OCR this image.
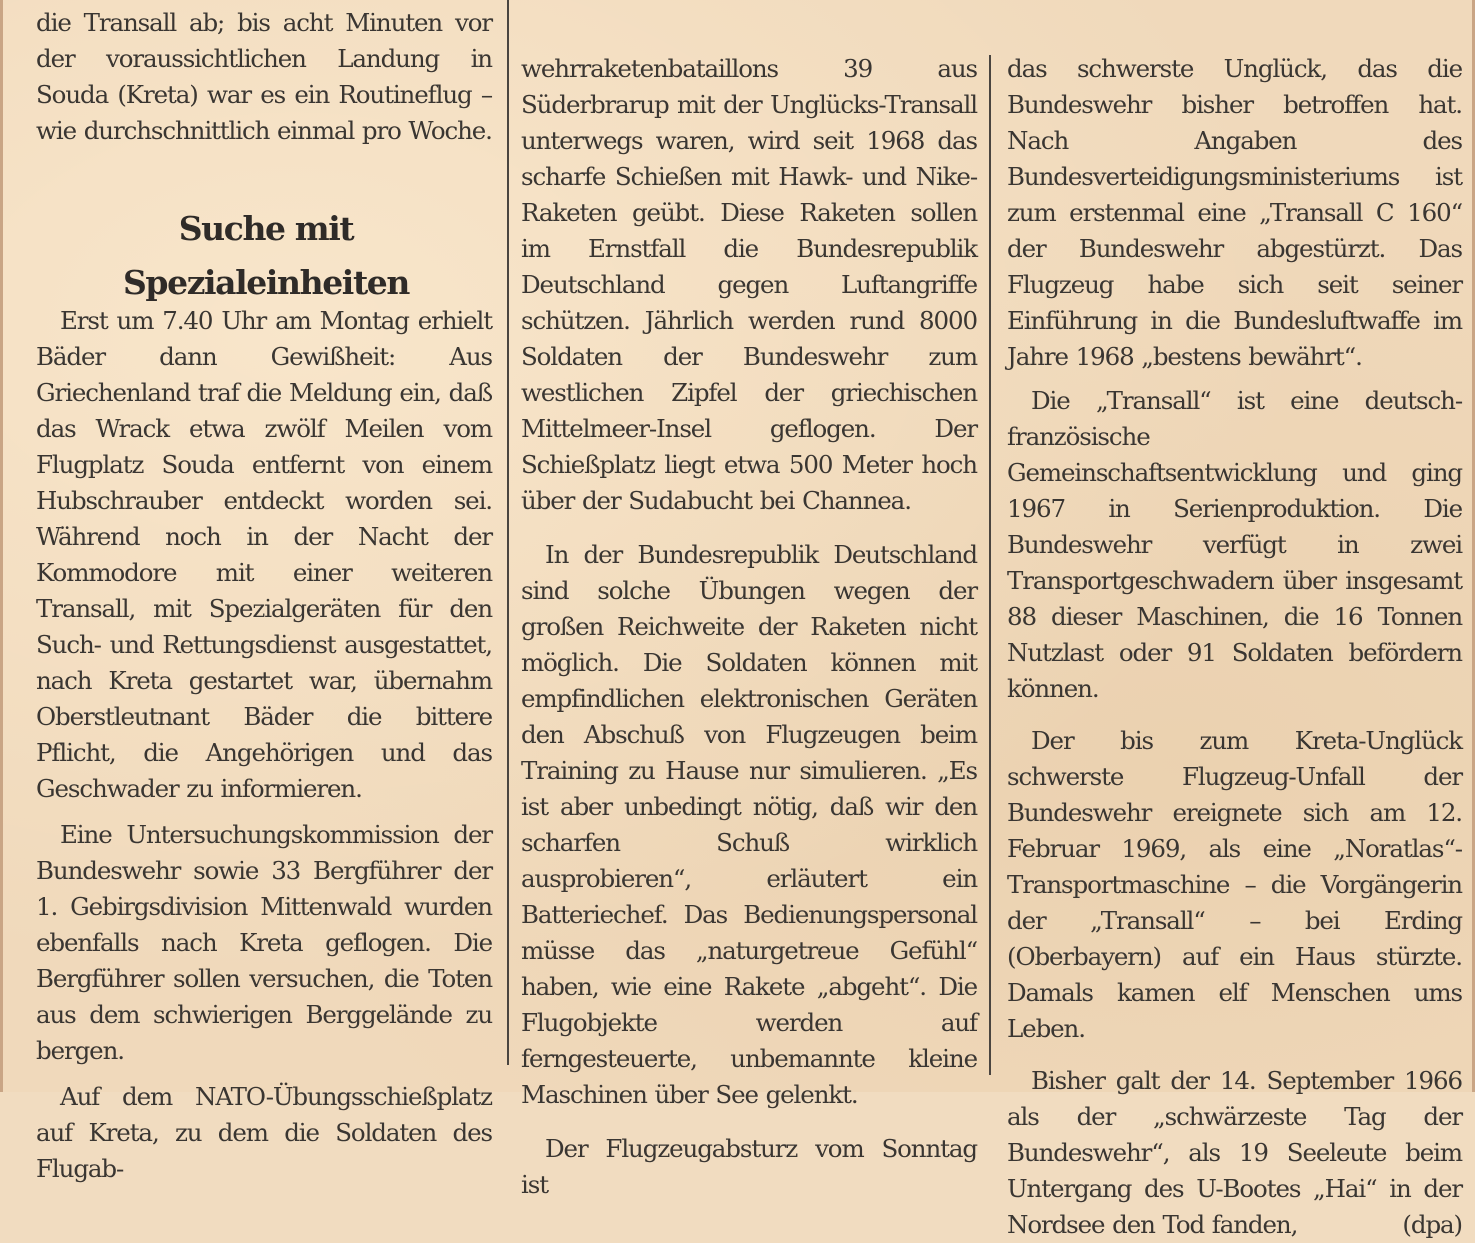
die Transall ab; bis acht Minuten vor der voraussichtlichen Landung in Souda (Kreta) war es ein Routineflug – wie durchschnittlich einmal pro Woche.

Suche mit Spezialeinheiten

Erst um 7.40 Uhr am Montag erhielt Bäder dann Gewißheit: Aus Griechenland traf die Meldung ein, daß das Wrack etwa zwölf Meilen vom Flugplatz Souda entfernt von einem Hubschrauber entdeckt worden sei. Während noch in der Nacht der Kommodore mit einer weiteren Transall, mit Spezialgeräten für den Such- und Rettungsdienst ausgestattet, nach Kreta gestartet war, übernahm Oberstleutnant Bäder die bittere Pflicht, die Angehörigen und das Geschwader zu informieren.

Eine Untersuchungskommission der Bundeswehr sowie 33 Bergführer der 1. Gebirgsdivision Mittenwald wurden ebenfalls nach Kreta geflogen. Die Bergführer sollen versuchen, die Toten aus dem schwierigen Berggelände zu bergen.

Auf dem NATO-Übungsschießplatz auf Kreta, zu dem die Soldaten des Flugab-

wehrraketenbataillons 39 aus Süderbrarup mit der Unglücks-Transall unterwegs waren, wird seit 1968 das scharfe Schießen mit Hawk- und Nike-Raketen geübt. Diese Raketen sollen im Ernstfall die Bundesrepublik Deutschland gegen Luftangriffe schützen. Jährlich werden rund 8000 Soldaten der Bundeswehr zum westlichen Zipfel der griechischen Mittelmeer-Insel geflogen. Der Schießplatz liegt etwa 500 Meter hoch über der Sudabucht bei Channea.

In der Bundesrepublik Deutschland sind solche Übungen wegen der großen Reichweite der Raketen nicht möglich. Die Soldaten können mit empfindlichen elektronischen Geräten den Abschuß von Flugzeugen beim Training zu Hause nur simulieren. „Es ist aber unbedingt nötig, daß wir den scharfen Schuß wirklich ausprobieren“, erläutert ein Batteriechef. Das Bedienungspersonal müsse das „naturgetreue Gefühl“ haben, wie eine Rakete „abgeht“. Die Flugobjekte werden auf ferngesteuerte, unbemannte kleine Maschinen über See gelenkt.

Der Flugzeugabsturz vom Sonntag ist

das schwerste Unglück, das die Bundeswehr bisher betroffen hat. Nach Angaben des Bundesverteidigungsministeriums ist zum erstenmal eine „Transall C 160“ der Bundeswehr abgestürzt. Das Flugzeug habe sich seit seiner Einführung in die Bundesluftwaffe im Jahre 1968 „bestens bewährt“.

Die „Transall“ ist eine deutsch-französische Gemeinschaftsentwicklung und ging 1967 in Serienproduktion. Die Bundeswehr verfügt in zwei Transportgeschwadern über insgesamt 88 dieser Maschinen, die 16 Tonnen Nutzlast oder 91 Soldaten befördern können.

Der bis zum Kreta-Unglück schwerste Flugzeug-Unfall der Bundeswehr ereignete sich am 12. Februar 1969, als eine „Noratlas“-Transportmaschine – die Vorgängerin der „Transall“ – bei Erding (Oberbayern) auf ein Haus stürzte. Damals kamen elf Menschen ums Leben.

Bisher galt der 14. September 1966 als der „schwärzeste Tag der Bundeswehr“, als 19 Seeleute beim Untergang des U-Bootes „Hai“ in der Nordsee den Tod fanden,	(dpa)
